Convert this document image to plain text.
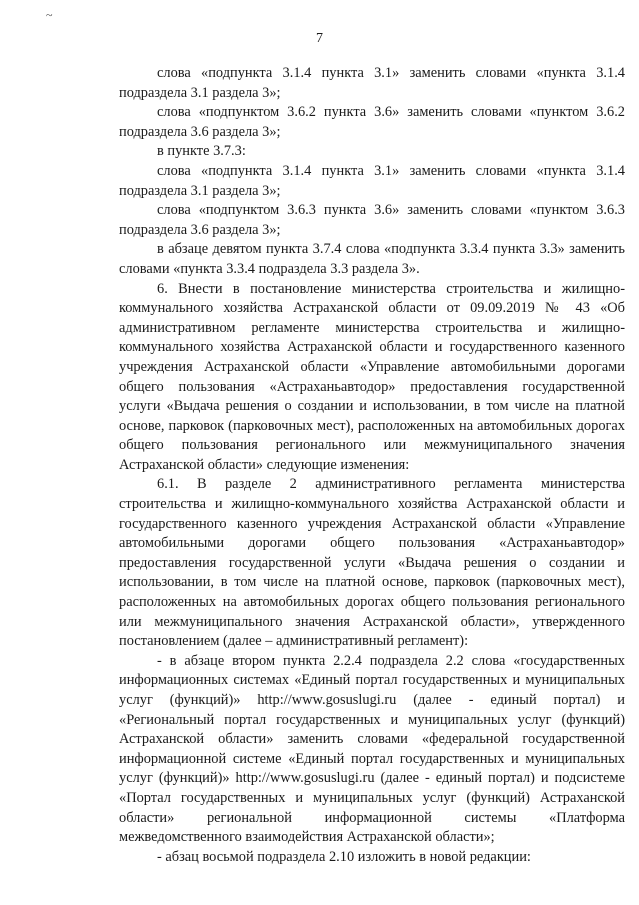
~
7

слова «подпункта 3.1.4 пункта 3.1» заменить словами «пункта 3.1.4 подраздела 3.1 раздела 3»;

слова «подпунктом 3.6.2 пункта 3.6» заменить словами «пунктом 3.6.2 подраздела 3.6 раздела 3»;

в пункте 3.7.3:

слова «подпункта 3.1.4 пункта 3.1» заменить словами «пункта 3.1.4 подраздела 3.1 раздела 3»;

слова «подпунктом 3.6.3 пункта 3.6» заменить словами «пунктом 3.6.3 подраздела 3.6 раздела 3»;

в абзаце девятом пункта 3.7.4 слова «подпункта 3.3.4 пункта 3.3» заменить словами «пункта 3.3.4 подраздела 3.3 раздела 3».

6. Внести в постановление министерства строительства и жилищно-коммунального хозяйства Астраханской области от 09.09.2019 № 43 «Об административном регламенте министерства строительства и жилищно-коммунального хозяйства Астраханской области и государственного казенного учреждения Астраханской области «Управление автомобильными дорогами общего пользования «Астраханьавтодор» предоставления государственной услуги «Выдача решения о создании и использовании, в том числе на платной основе, парковок (парковочных мест), расположенных на автомобильных дорогах общего пользования регионального или межмуниципального значения Астраханской области» следующие изменения:

6.1. В разделе 2 административного регламента министерства строительства и жилищно-коммунального хозяйства Астраханской области и государственного казенного учреждения Астраханской области «Управление автомобильными дорогами общего пользования «Астраханьавтодор» предоставления государственной услуги «Выдача решения о создании и использовании, в том числе на платной основе, парковок (парковочных мест), расположенных на автомобильных дорогах общего пользования регионального или межмуниципального значения Астраханской области», утвержденного постановлением (далее – административный регламент):

- в абзаце втором пункта 2.2.4 подраздела 2.2 слова «государственных информационных системах «Единый портал государственных и муниципальных услуг (функций)» http://www.gosuslugi.ru (далее - единый портал) и «Региональный портал государственных и муниципальных услуг (функций) Астраханской области» заменить словами «федеральной государственной информационной системе «Единый портал государственных и муниципальных услуг (функций)» http://www.gosuslugi.ru (далее - единый портал) и подсистеме «Портал государственных и муниципальных услуг (функций) Астраханской области» региональной информационной системы «Платформа межведомственного взаимодействия Астраханской области»;

- абзац восьмой подраздела 2.10 изложить в новой редакции:
